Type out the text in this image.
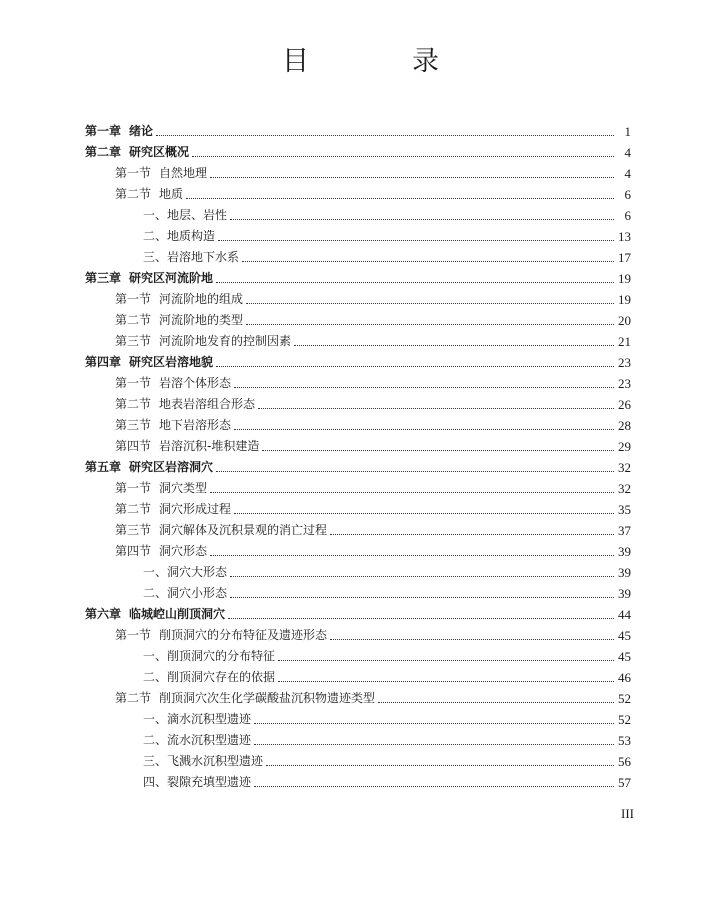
目　录
第一章 绪论	1
第二章 研究区概况	4
第一节 自然地理	4
第二节 地质	6
一、地层、岩性	6
二、地质构造	13
三、岩溶地下水系	17
第三章 研究区河流阶地	19
第一节 河流阶地的组成	19
第二节 河流阶地的类型	20
第三节 河流阶地发育的控制因素	21
第四章 研究区岩溶地貌	23
第一节 岩溶个体形态	23
第二节 地表岩溶组合形态	26
第三节 地下岩溶形态	28
第四节 岩溶沉积-堆积建造	29
第五章 研究区岩溶洞穴	32
第一节 洞穴类型	32
第二节 洞穴形成过程	35
第三节 洞穴解体及沉积景观的消亡过程	37
第四节 洞穴形态	39
一、洞穴大形态	39
二、洞穴小形态	39
第六章 临城崆山削顶洞穴	44
第一节 削顶洞穴的分布特征及遗迹形态	45
一、削顶洞穴的分布特征	45
二、削顶洞穴存在的依据	46
第二节 削顶洞穴次生化学碳酸盐沉积物遗迹类型	52
一、滴水沉积型遗迹	52
二、流水沉积型遗迹	53
三、飞溅水沉积型遗迹	56
四、裂隙充填型遗迹	57
III
